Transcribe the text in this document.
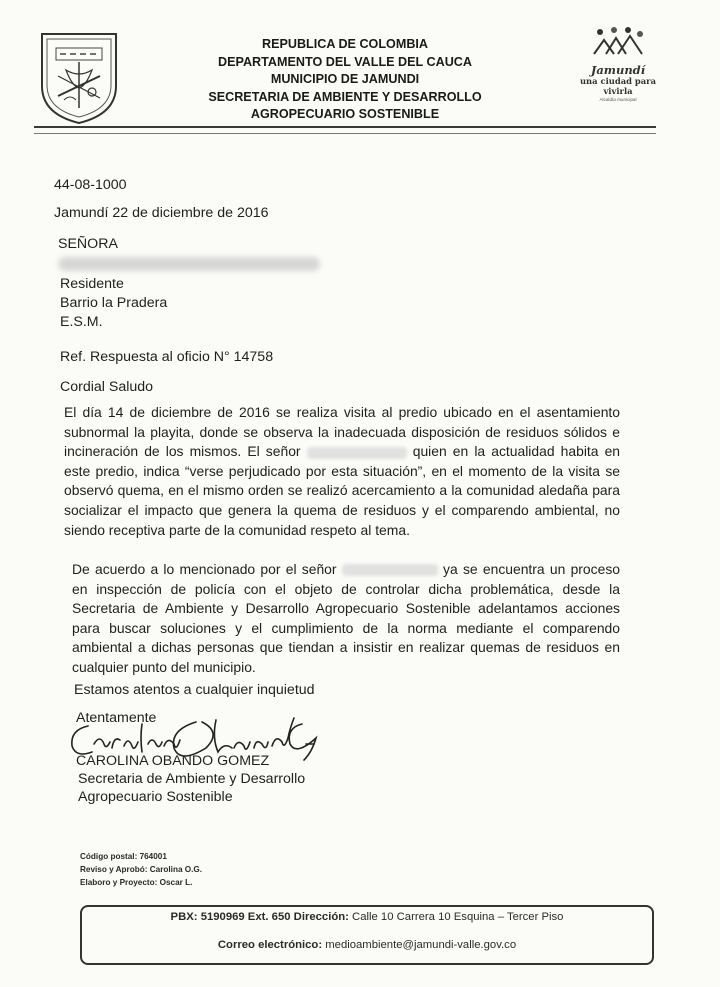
REPUBLICA DE COLOMBIA
DEPARTAMENTO DEL VALLE DEL CAUCA
MUNICIPIO DE JAMUNDI
SECRETARIA DE AMBIENTE Y DESARROLLO
AGROPECUARIO SOSTENIBLE
Jamundí
una ciudad para vivirla
Alcaldía municipal
44-08-1000
Jamundí 22 de diciembre de 2016
SEÑORA
Residente
Barrio la Pradera
E.S.M.
Ref. Respuesta al oficio N° 14758
Cordial Saludo
El día 14 de diciembre de 2016 se realiza visita al predio ubicado en el asentamiento subnormal la playita, donde se observa la inadecuada disposición de residuos sólidos e incineración de los mismos. El señor	quien en la actualidad habita en este predio, indica “verse perjudicado por esta situación”, en el momento de la visita se observó quema, en el mismo orden se realizó acercamiento a la comunidad aledaña para socializar el impacto que genera la quema de residuos y el comparendo ambiental, no siendo receptiva parte de la comunidad respeto al tema.
De acuerdo a lo mencionado por el señor	ya se encuentra un proceso en inspección de policía con el objeto de controlar dicha problemática, desde la Secretaria de Ambiente y Desarrollo Agropecuario Sostenible adelantamos acciones para buscar soluciones y el cumplimiento de la norma mediante el comparendo ambiental a dichas personas que tiendan a insistir en realizar quemas de residuos en cualquier punto del municipio.
Estamos atentos a cualquier inquietud
Atentamente
CAROLINA OBANDO GOMEZ
Secretaria de Ambiente y Desarrollo
Agropecuario Sostenible
Código postal: 764001
Reviso y Aprobó: Carolina O.G.
Elaboro y Proyecto: Oscar L.
PBX: 5190969 Ext. 650 Dirección: Calle 10 Carrera 10 Esquina – Tercer Piso
Correo electrónico: medioambiente@jamundi-valle.gov.co
